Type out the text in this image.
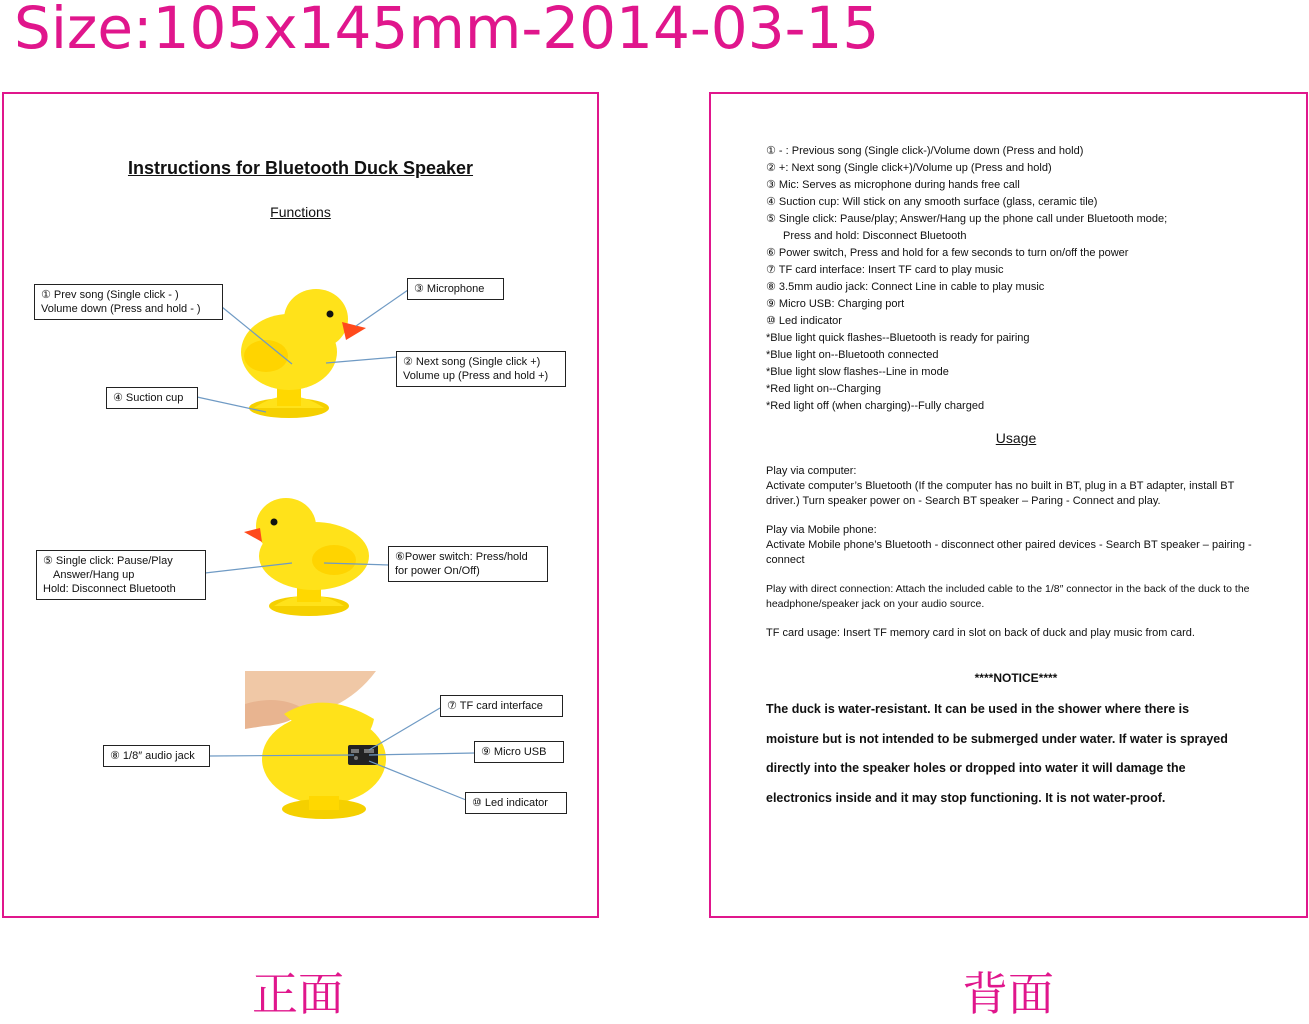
Size:105x145mm-2014-03-15
Instructions for Bluetooth Duck Speaker
Functions
① Prev song (Single click - )
Volume down (Press and hold - )
③ Microphone
② Next song (Single click +)
Volume up (Press and hold +)
④ Suction cup
⑤ Single click: Pause/Play
Answer/Hang up
Hold: Disconnect Bluetooth
⑥Power switch: Press/hold
for power On/Off)
⑦ TF card interface
⑧ 1/8″ audio jack	⑨ Micro USB
⑩ Led indicator
① - : Previous song (Single click-)/Volume down (Press and hold)
② +: Next song (Single click+)/Volume up (Press and hold)
③ Mic: Serves as microphone during hands free call
④ Suction cup: Will stick on any smooth surface (glass, ceramic tile)
⑤ Single click: Pause/play; Answer/Hang up the phone call under Bluetooth mode;
Press and hold: Disconnect Bluetooth
⑥ Power switch, Press and hold for a few seconds to turn on/off the power
⑦ TF card interface: Insert TF card to play music
⑧ 3.5mm audio jack: Connect Line in cable to play music
⑨ Micro USB: Charging port
⑩ Led indicator
*Blue light quick flashes--Bluetooth is ready for pairing
*Blue light on--Bluetooth connected
*Blue light slow flashes--Line in mode
*Red light on--Charging
*Red light off (when charging)--Fully charged
Usage
Play via computer:
Activate computer’s Bluetooth (If the computer has no built in BT, plug in a BT adapter, install BT driver.) Turn speaker power on - Search BT speaker – Paring - Connect and play.
Play via Mobile phone:
Activate Mobile phone’s Bluetooth - disconnect other paired devices - Search BT speaker – pairing - connect
Play with direct connection: Attach the included cable to the 1/8″ connector in the back of the duck to the headphone/speaker jack on your audio source.
TF card usage: Insert TF memory card in slot on back of duck and play music from card.
****NOTICE****
The duck is water-resistant. It can be used in the shower where there is
moisture but is not intended to be submerged under water. If water is sprayed
directly into the speaker holes or dropped into water it will damage the
electronics inside and it may stop functioning. It is not water-proof.
正面	背面
